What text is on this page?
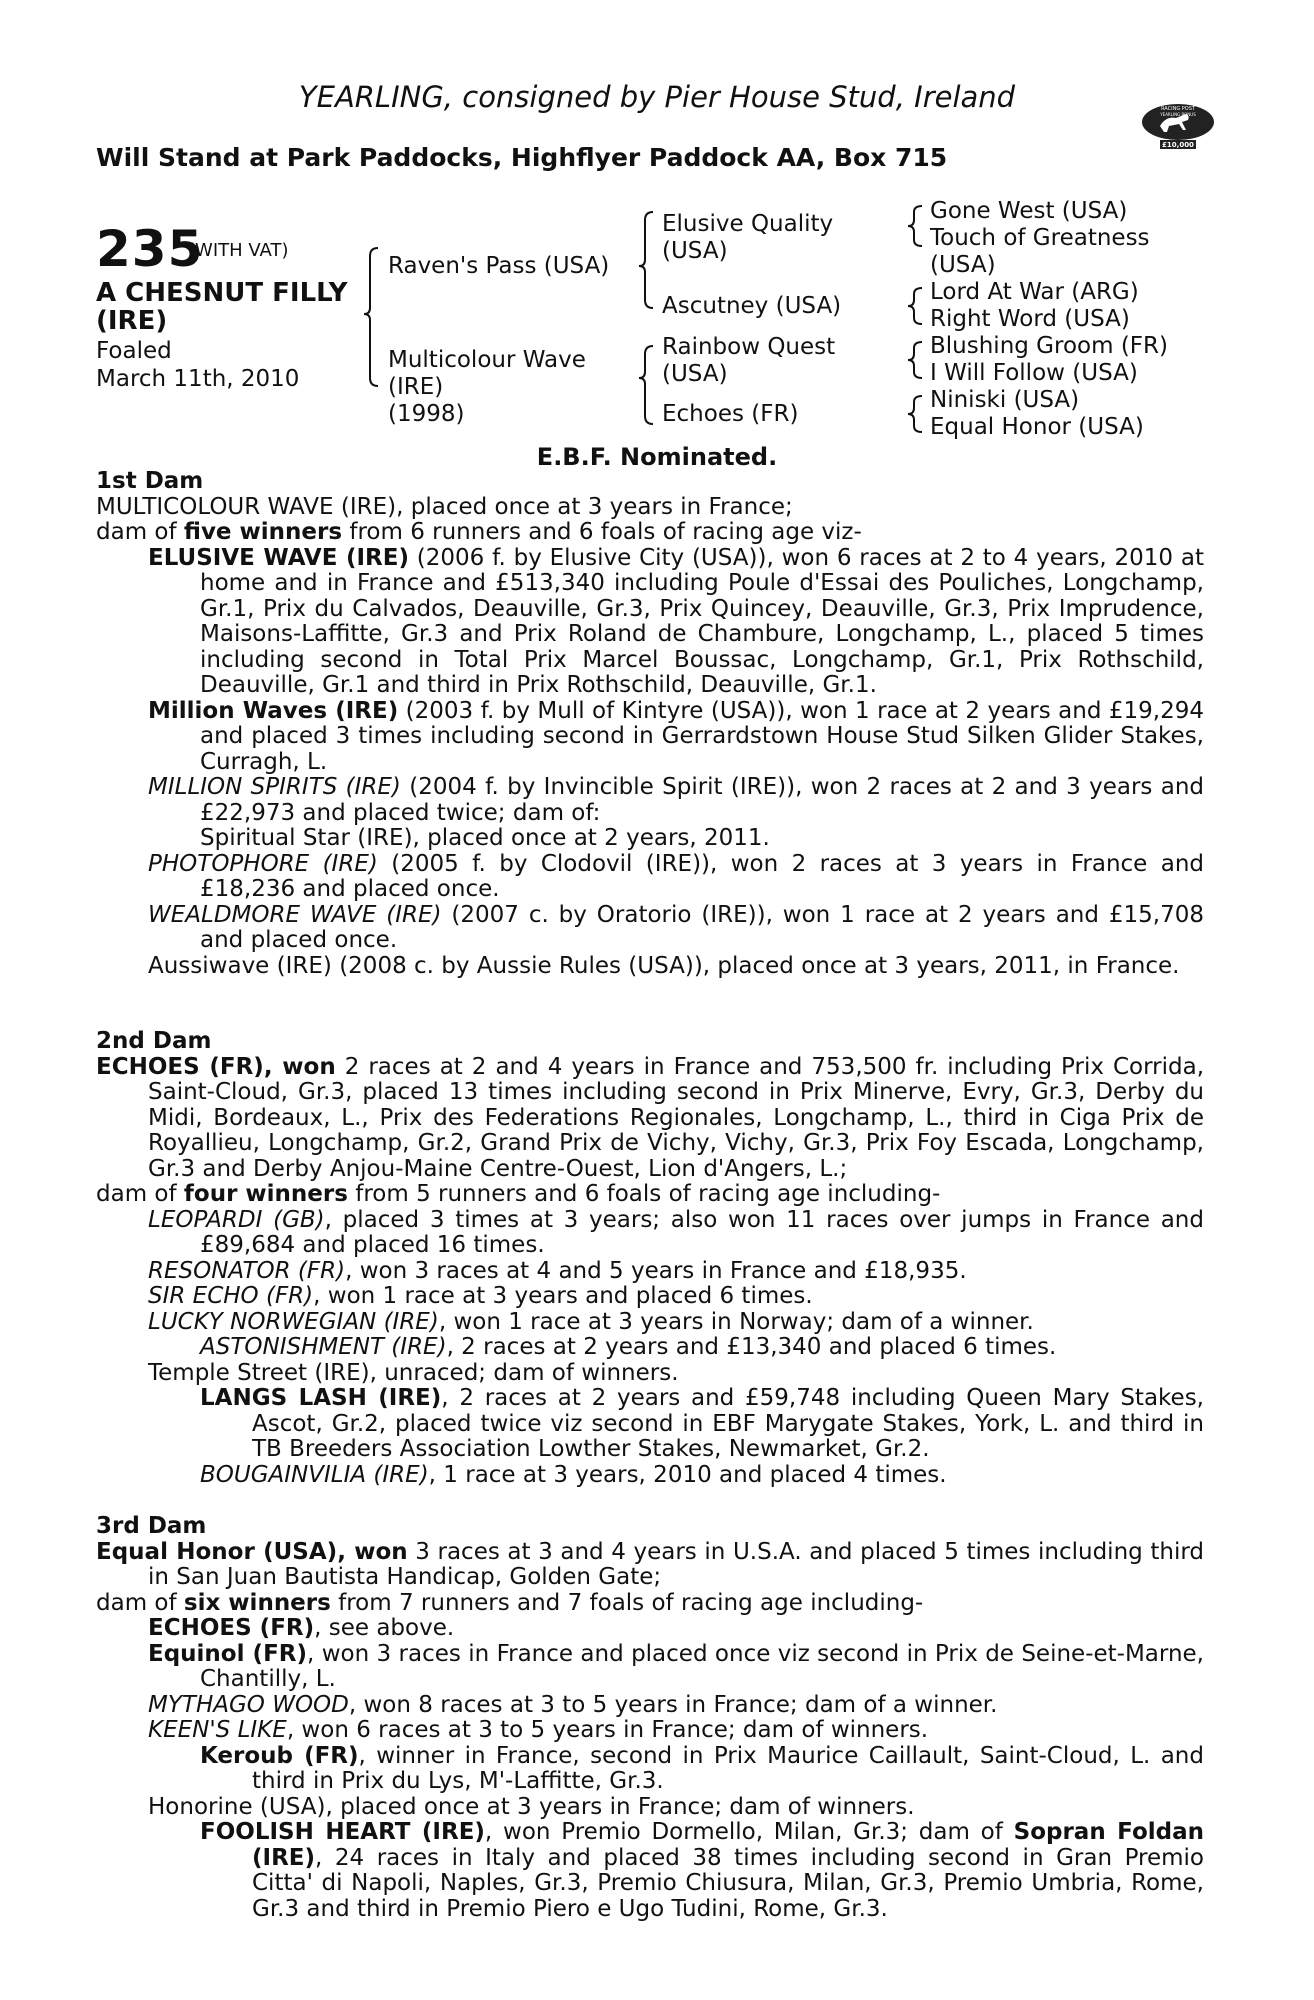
YEARLING, consigned by Pier House Stud, Ireland
Will Stand at Park Paddocks, Highflyer Paddock AA, Box 715
RACING POST
YEARLING BONUS
£10,000
235
(WITH VAT)
A CHESNUT FILLY
(IRE)
Foaled
March 11th, 2010
Raven's Pass (USA)
Multicolour Wave
(IRE)
(1998)
Elusive Quality
(USA)
Ascutney (USA)
Rainbow Quest
(USA)
Echoes (FR)
Gone West (USA)
Touch of Greatness
(USA)
Lord At War (ARG)
Right Word (USA)
Blushing Groom (FR)
I Will Follow (USA)
Niniski (USA)
Equal Honor (USA)
E.B.F. Nominated.
1st Dam
MULTICOLOUR WAVE (IRE), placed once at 3 years in France;
dam of five winners from 6 runners and 6 foals of racing age viz-
ELUSIVE WAVE (IRE) (2006 f. by Elusive City (USA)), won 6 races at 2 to 4 years, 2010 at home and in France and £513,340 including Poule d'Essai des Pouliches, Longchamp, Gr.1, Prix du Calvados, Deauville, Gr.3, Prix Quincey, Deauville, Gr.3, Prix Imprudence, Maisons-Laffitte, Gr.3 and Prix Roland de Chambure, Longchamp, L., placed 5 times including second in Total Prix Marcel Boussac, Longchamp, Gr.1, Prix Rothschild, Deauville, Gr.1 and third in Prix Rothschild, Deauville, Gr.1.
Million Waves (IRE) (2003 f. by Mull of Kintyre (USA)), won 1 race at 2 years and £19,294 and placed 3 times including second in Gerrardstown House Stud Silken Glider Stakes, Curragh, L.
MILLION SPIRITS (IRE) (2004 f. by Invincible Spirit (IRE)), won 2 races at 2 and 3 years and £22,973 and placed twice; dam of:
Spiritual Star (IRE), placed once at 2 years, 2011.
PHOTOPHORE (IRE) (2005 f. by Clodovil (IRE)), won 2 races at 3 years in France and £18,236 and placed once.
WEALDMORE WAVE (IRE) (2007 c. by Oratorio (IRE)), won 1 race at 2 years and £15,708 and placed once.
Aussiwave (IRE) (2008 c. by Aussie Rules (USA)), placed once at 3 years, 2011, in France.
2nd Dam
ECHOES (FR), won 2 races at 2 and 4 years in France and 753,500 fr. including Prix Corrida, Saint-Cloud, Gr.3, placed 13 times including second in Prix Minerve, Evry, Gr.3, Derby du Midi, Bordeaux, L., Prix des Federations Regionales, Longchamp, L., third in Ciga Prix de Royallieu, Longchamp, Gr.2, Grand Prix de Vichy, Vichy, Gr.3, Prix Foy Escada, Longchamp, Gr.3 and Derby Anjou-Maine Centre-Ouest, Lion d'Angers, L.;
dam of four winners from 5 runners and 6 foals of racing age including-
LEOPARDI (GB), placed 3 times at 3 years; also won 11 races over jumps in France and £89,684 and placed 16 times.
RESONATOR (FR), won 3 races at 4 and 5 years in France and £18,935.
SIR ECHO (FR), won 1 race at 3 years and placed 6 times.
LUCKY NORWEGIAN (IRE), won 1 race at 3 years in Norway; dam of a winner.
ASTONISHMENT (IRE), 2 races at 2 years and £13,340 and placed 6 times.
Temple Street (IRE), unraced; dam of winners.
LANGS LASH (IRE), 2 races at 2 years and £59,748 including Queen Mary Stakes, Ascot, Gr.2, placed twice viz second in EBF Marygate Stakes, York, L. and third in TB Breeders Association Lowther Stakes, Newmarket, Gr.2.
BOUGAINVILIA (IRE), 1 race at 3 years, 2010 and placed 4 times.
3rd Dam
Equal Honor (USA), won 3 races at 3 and 4 years in U.S.A. and placed 5 times including third in San Juan Bautista Handicap, Golden Gate;
dam of six winners from 7 runners and 7 foals of racing age including-
ECHOES (FR), see above.
Equinol (FR), won 3 races in France and placed once viz second in Prix de Seine-et-Marne, Chantilly, L.
MYTHAGO WOOD, won 8 races at 3 to 5 years in France; dam of a winner.
KEEN'S LIKE, won 6 races at 3 to 5 years in France; dam of winners.
Keroub (FR), winner in France, second in Prix Maurice Caillault, Saint-Cloud, L. and third in Prix du Lys, M'-Laffitte, Gr.3.
Honorine (USA), placed once at 3 years in France; dam of winners.
FOOLISH HEART (IRE), won Premio Dormello, Milan, Gr.3; dam of Sopran Foldan (IRE), 24 races in Italy and placed 38 times including second in Gran Premio Citta' di Napoli, Naples, Gr.3, Premio Chiusura, Milan, Gr.3, Premio Umbria, Rome, Gr.3 and third in Premio Piero e Ugo Tudini, Rome, Gr.3.
